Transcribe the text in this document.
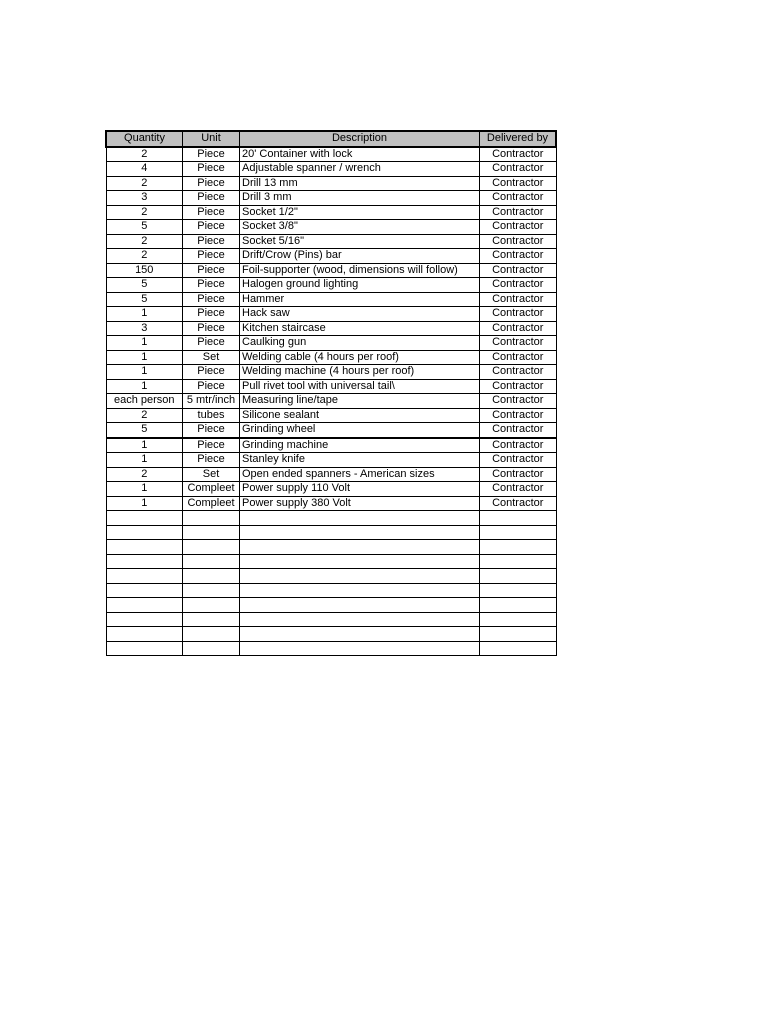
Quantity	Unit	Description	Delivered by
2	Piece	20' Container with lock	Contractor
4	Piece	Adjustable spanner / wrench	Contractor
2	Piece	Drill 13 mm	Contractor
3	Piece	Drill 3 mm	Contractor
2	Piece	Socket 1/2"	Contractor
5	Piece	Socket 3/8"	Contractor
2	Piece	Socket 5/16"	Contractor
2	Piece	Drift/Crow (Pins) bar	Contractor
150	Piece	Foil-supporter (wood, dimensions will follow)	Contractor
5	Piece	Halogen ground lighting	Contractor
5	Piece	Hammer	Contractor
1	Piece	Hack saw	Contractor
3	Piece	Kitchen staircase	Contractor
1	Piece	Caulking gun	Contractor
1	Set	Welding cable (4 hours per roof)	Contractor
1	Piece	Welding machine (4 hours per roof)	Contractor
1	Piece	Pull rivet tool with universal tail\	Contractor
each person	5 mtr/inch	Measuring line/tape	Contractor
2	tubes	Silicone sealant	Contractor
5	Piece	Grinding wheel	Contractor
1	Piece	Grinding machine	Contractor
1	Piece	Stanley knife	Contractor
2	Set	Open ended spanners - American sizes	Contractor
1	Compleet	Power supply 110 Volt	Contractor
1	Compleet	Power supply 380 Volt	Contractor
